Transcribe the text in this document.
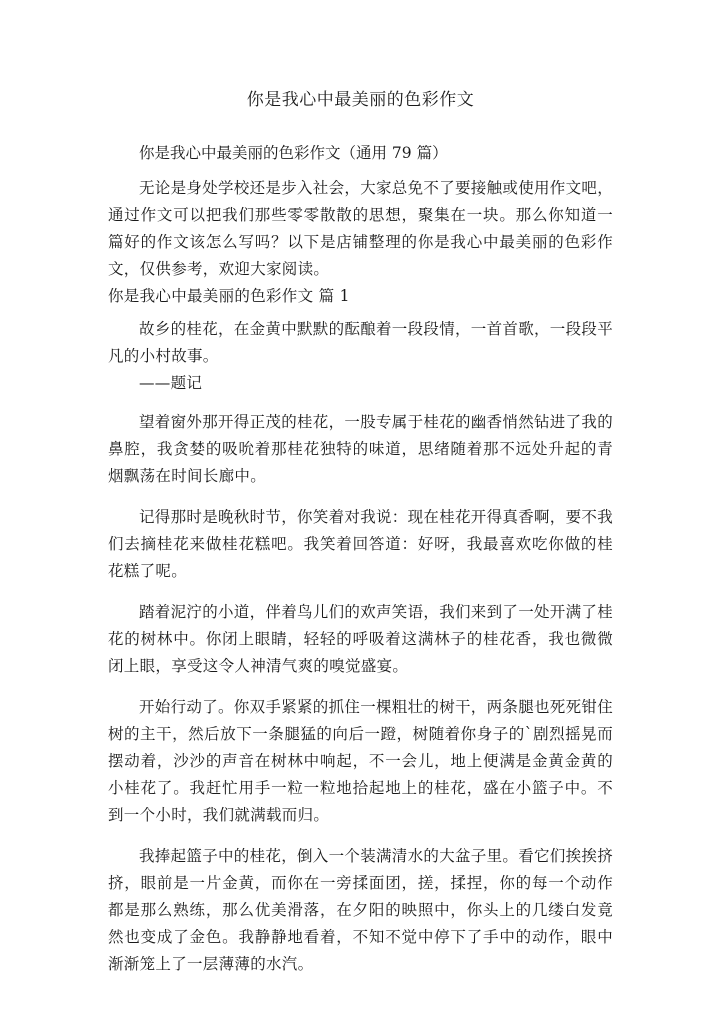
你是我心中最美丽的色彩作文

你是我心中最美丽的色彩作文（通用 79 篇）

无论是身处学校还是步入社会，大家总免不了要接触或使用作文吧，通过作文可以把我们那些零零散散的思想，聚集在一块。那么你知道一篇好的作文该怎么写吗？以下是店铺整理的你是我心中最美丽的色彩作文，仅供参考，欢迎大家阅读。

你是我心中最美丽的色彩作文 篇 1

故乡的桂花，在金黄中默默的酝酿着一段段情，一首首歌，一段段平凡的小村故事。

——题记

望着窗外那开得正茂的桂花，一股专属于桂花的幽香悄然钻进了我的鼻腔，我贪婪的吸吮着那桂花独特的味道，思绪随着那不远处升起的青烟飘荡在时间长廊中。

记得那时是晚秋时节，你笑着对我说：现在桂花开得真香啊，要不我们去摘桂花来做桂花糕吧。我笑着回答道：好呀，我最喜欢吃你做的桂花糕了呢。

踏着泥泞的小道，伴着鸟儿们的欢声笑语，我们来到了一处开满了桂花的树林中。你闭上眼睛，轻轻的呼吸着这满林子的桂花香，我也微微闭上眼，享受这令人神清气爽的嗅觉盛宴。

开始行动了。你双手紧紧的抓住一棵粗壮的树干，两条腿也死死钳住树的主干，然后放下一条腿猛的向后一蹬，树随着你身子的`剧烈摇晃而摆动着，沙沙的声音在树林中响起，不一会儿，地上便满是金黄金黄的小桂花了。我赶忙用手一粒一粒地拾起地上的桂花，盛在小篮子中。不到一个小时，我们就满载而归。

我捧起篮子中的桂花，倒入一个装满清水的大盆子里。看它们挨挨挤挤，眼前是一片金黄，而你在一旁揉面团，搓，揉捏，你的每一个动作都是那么熟练，那么优美滑落，在夕阳的映照中，你头上的几缕白发竟然也变成了金色。我静静地看着，不知不觉中停下了手中的动作，眼中渐渐笼上了一层薄薄的水汽。
